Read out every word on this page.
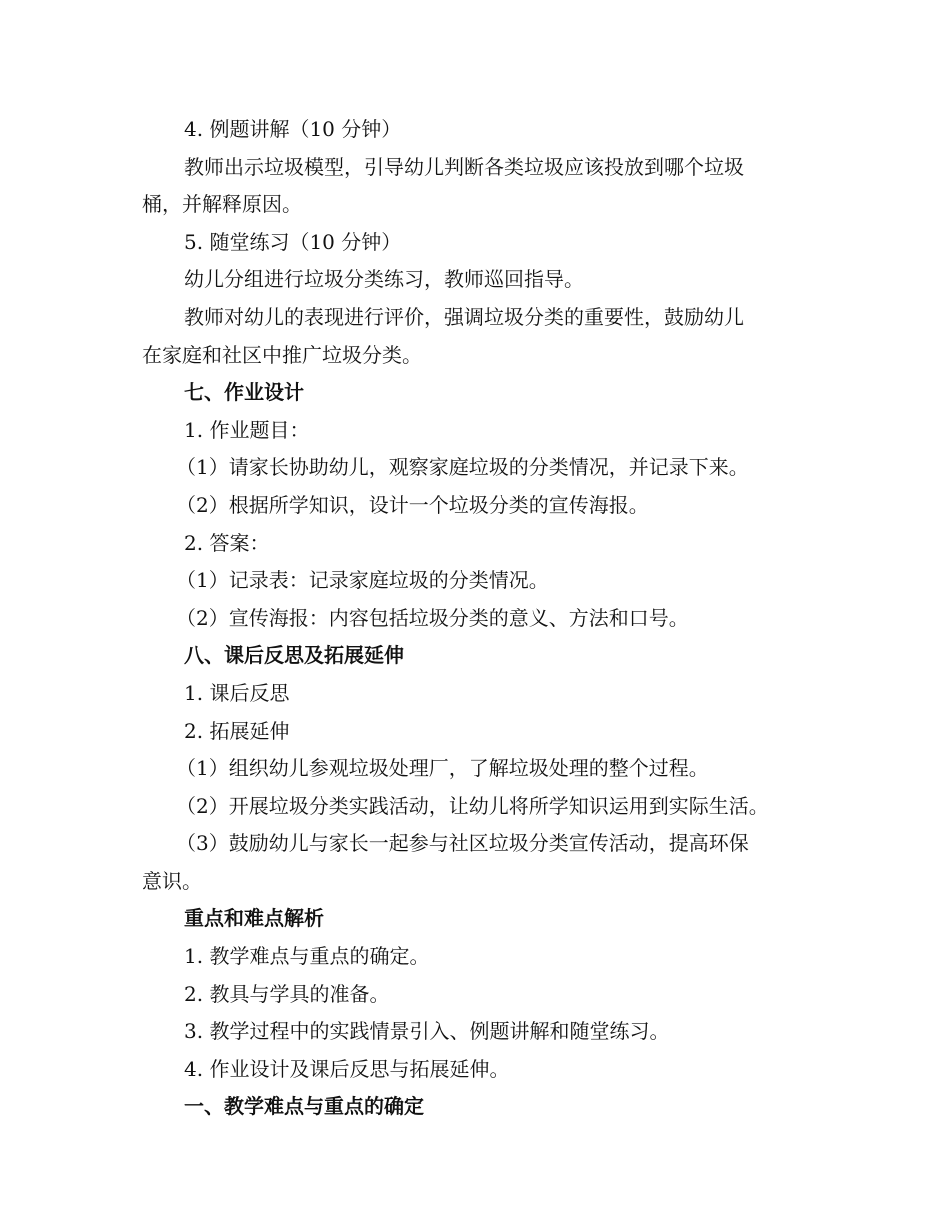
4. 例题讲解（10 分钟）
教师出示垃圾模型，引导幼儿判断各类垃圾应该投放到哪个垃圾
桶，并解释原因。
5. 随堂练习（10 分钟）
幼儿分组进行垃圾分类练习，教师巡回指导。
教师对幼儿的表现进行评价，强调垃圾分类的重要性，鼓励幼儿
在家庭和社区中推广垃圾分类。
七、作业设计
1. 作业题目：
（1）请家长协助幼儿，观察家庭垃圾的分类情况，并记录下来。
（2）根据所学知识，设计一个垃圾分类的宣传海报。
2. 答案：
（1）记录表：记录家庭垃圾的分类情况。
（2）宣传海报：内容包括垃圾分类的意义、方法和口号。
八、课后反思及拓展延伸
1. 课后反思
2. 拓展延伸
（1）组织幼儿参观垃圾处理厂，了解垃圾处理的整个过程。
（2）开展垃圾分类实践活动，让幼儿将所学知识运用到实际生活。
（3）鼓励幼儿与家长一起参与社区垃圾分类宣传活动，提高环保
意识。
重点和难点解析
1. 教学难点与重点的确定。
2. 教具与学具的准备。
3. 教学过程中的实践情景引入、例题讲解和随堂练习。
4. 作业设计及课后反思与拓展延伸。
一、教学难点与重点的确定
